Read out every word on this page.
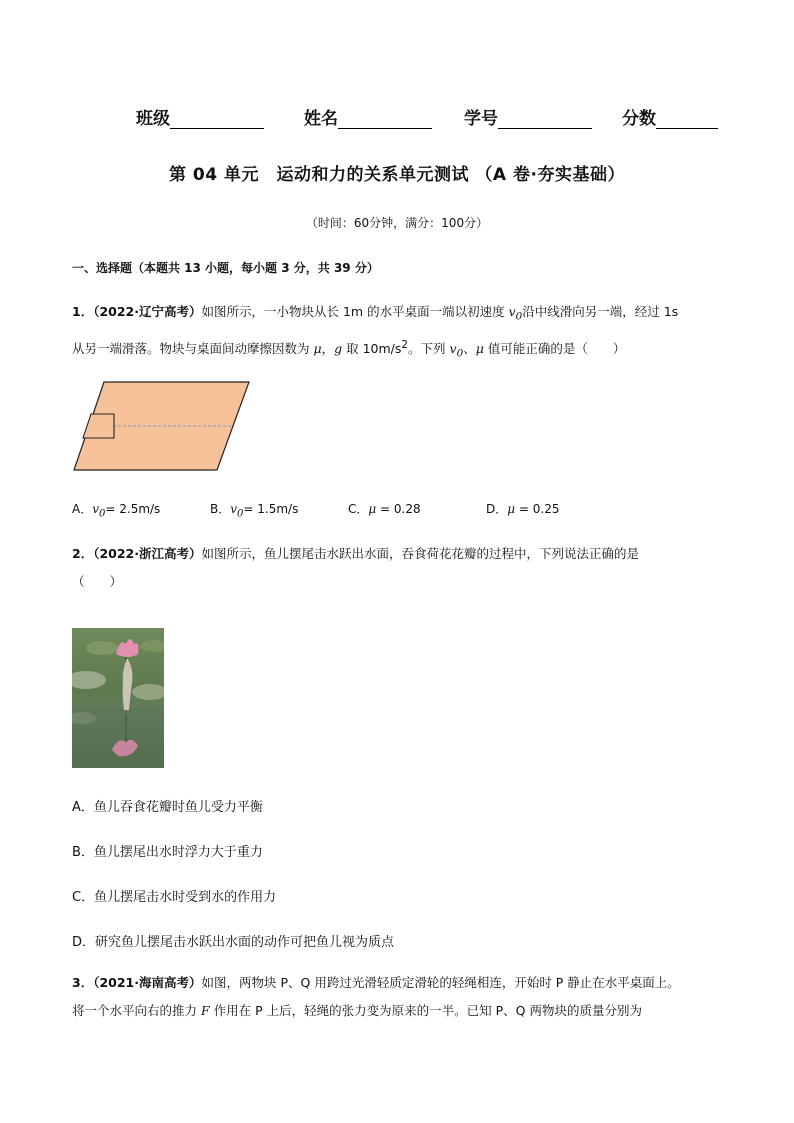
班级	姓名	学号	分数
第 04 单元　运动和力的关系单元测试 （A 卷·夯实基础）
（时间：60分钟，满分：100分）
一、选择题（本题共 13 小题，每小题 3 分，共 39 分）
1．（2022·辽宁高考）如图所示，一小物块从长 1m 的水平桌面一端以初速度 $v_0$沿中线滑向另一端，经过 1s
从另一端滑落。物块与桌面间动摩擦因数为 μ，g 取 $10m/s^2$。下列 $v_0$、μ 值可能正确的是（　　）
A．$v_0= 2.5m/s$	B．$v_0= 1.5m/s$	C．μ = 0.28	D．μ = 0.25
2．（2022·浙江高考）如图所示，鱼儿摆尾击水跃出水面，吞食荷花花瓣的过程中，下列说法正确的是
（　　）
A．鱼儿吞食花瓣时鱼儿受力平衡
B．鱼儿摆尾出水时浮力大于重力
C．鱼儿摆尾击水时受到水的作用力
D．研究鱼儿摆尾击水跃出水面的动作可把鱼儿视为质点
3．（2021·海南高考）如图，两物块 P、Q 用跨过光滑轻质定滑轮的轻绳相连，开始时 P 静止在水平桌面上。
将一个水平向右的推力 F 作用在 P 上后，轻绳的张力变为原来的一半。已知 P、Q 两物块的质量分别为
